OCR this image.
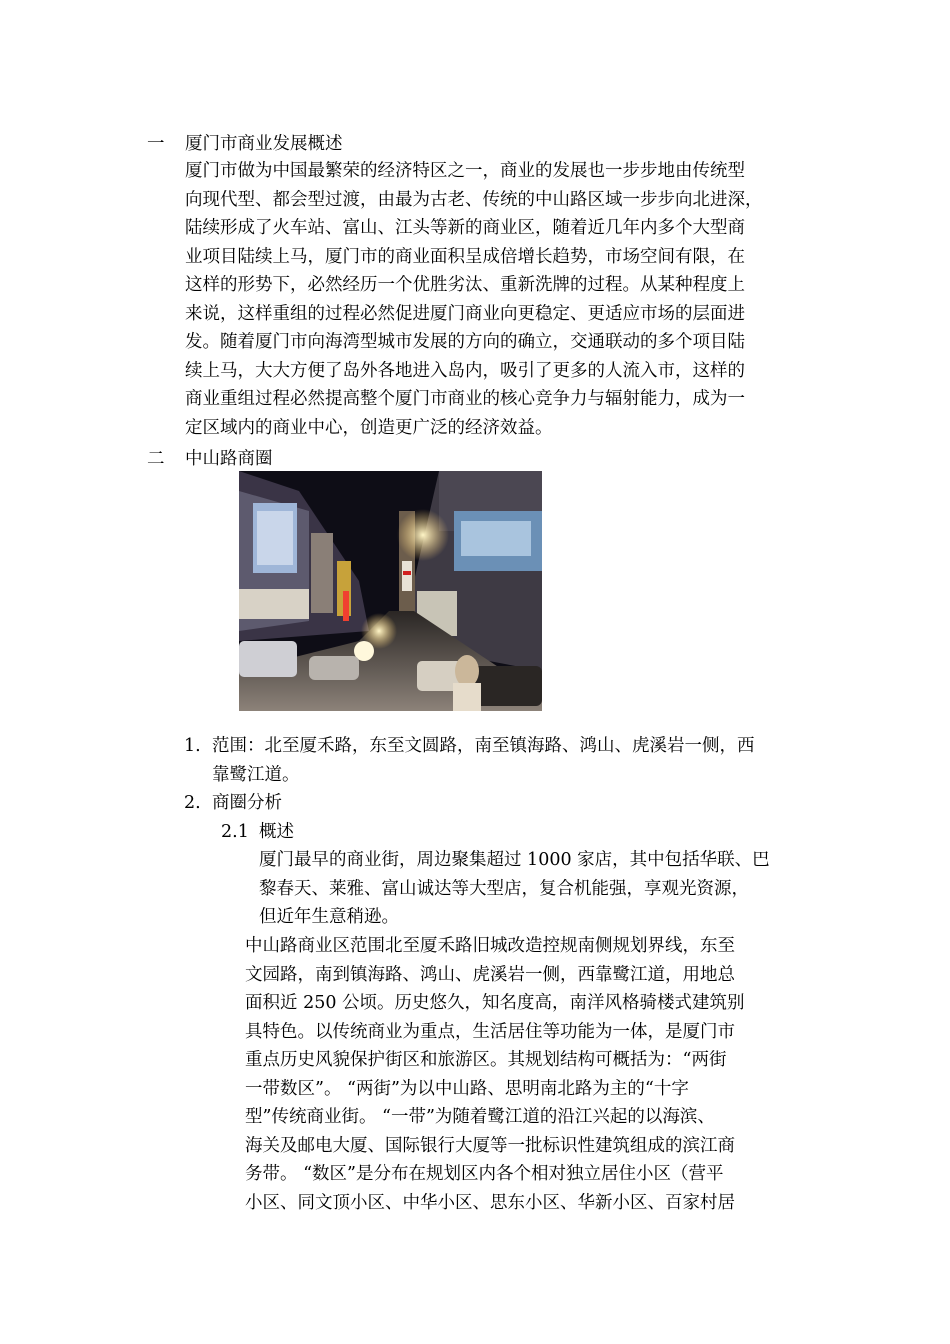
一 厦门市商业发展概述
厦门市做为中国最繁荣的经济特区之一，商业的发展也一步步地由传统型
向现代型、都会型过渡，由最为古老、传统的中山路区域一步步向北进深，
陆续形成了火车站、富山、江头等新的商业区，随着近几年内多个大型商
业项目陆续上马，厦门市的商业面积呈成倍增长趋势，市场空间有限，在
这样的形势下，必然经历一个优胜劣汰、重新洗牌的过程。从某种程度上
来说，这样重组的过程必然促进厦门商业向更稳定、更适应市场的层面进
发。随着厦门市向海湾型城市发展的方向的确立，交通联动的多个项目陆
续上马，大大方便了岛外各地进入岛内，吸引了更多的人流入市，这样的
商业重组过程必然提高整个厦门市商业的核心竞争力与辐射能力，成为一
定区域内的商业中心，创造更广泛的经济效益。
二 中山路商圈
1. 范围：北至厦禾路，东至文圆路，南至镇海路、鸿山、虎溪岩一侧，西
靠鹭江道。
2. 商圈分析
2.1 概述
厦门最早的商业街，周边聚集超过 1000 家店，其中包括华联、巴
黎春天、莱雅、富山诚达等大型店，复合机能强，享观光资源，
但近年生意稍逊。
中山路商业区范围北至厦禾路旧城改造控规南侧规划界线，东至
文园路，南到镇海路、鸿山、虎溪岩一侧，西靠鹭江道，用地总
面积近 250 公顷。历史悠久，知名度高，南洋风格骑楼式建筑别
具特色。以传统商业为重点，生活居住等功能为一体，是厦门市
重点历史风貌保护街区和旅游区。其规划结构可概括为：“两街
一带数区”。 “两街”为以中山路、思明南北路为主的“十字
型”传统商业街。 “一带”为随着鹭江道的沿江兴起的以海滨、
海关及邮电大厦、国际银行大厦等一批标识性建筑组成的滨江商
务带。 “数区”是分布在规划区内各个相对独立居住小区（营平
小区、同文顶小区、中华小区、思东小区、华新小区、百家村居
